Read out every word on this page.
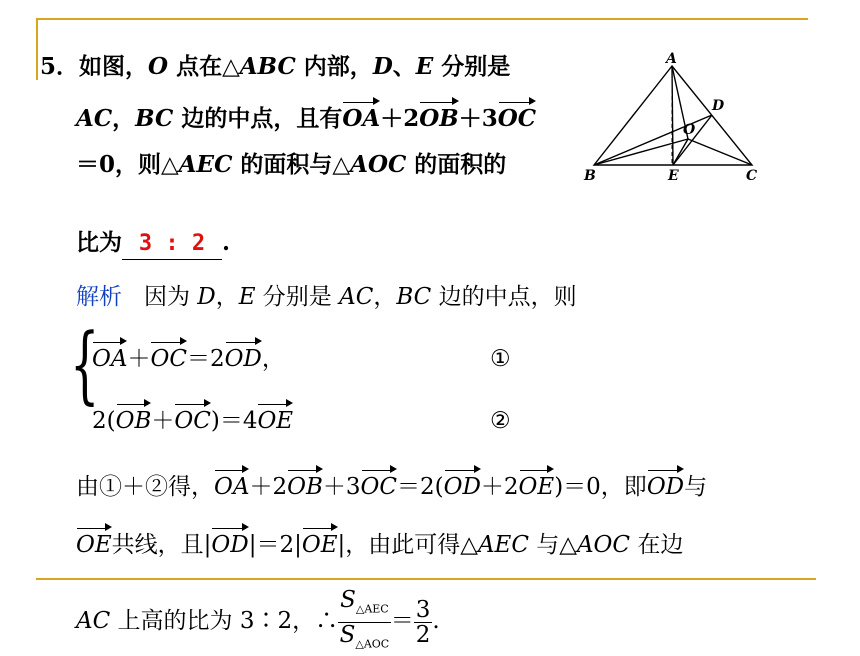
5．如图，O 点在△ABC 内部，D、E 分别是
AC，BC 边的中点，且有OA＋2OB＋3OC
＝0，则△AEC 的面积与△AOC 的面积的
比为 3 : 2 .
A
B	C
D
E
O
解析 因为 D，E 分别是 AC，BC 边的中点，则
{
OA＋OC＝2OD，	①
2(OB＋OC)＝4OE	②
由①＋②得，OA＋2OB＋3OC＝2(OD＋2OE)＝0，即OD与
OE共线，且|OD|＝2|OE|，由此可得△AEC 与△AOC 在边
AC 上高的比为 3∶2，∴ $\frac{S_{\triangle AEC}}{S_{\triangle AOC}} = \frac{3}{2}$ .
